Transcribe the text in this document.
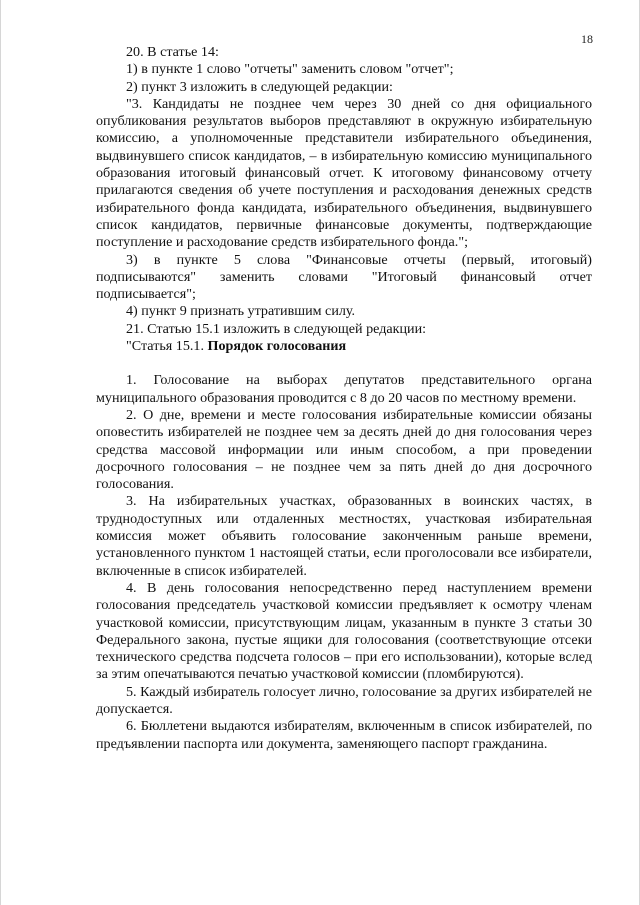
18

20. В статье 14:

1) в пункте 1 слово "отчеты" заменить словом "отчет";

2) пункт 3 изложить в следующей редакции:

"3. Кандидаты не позднее чем через 30 дней со дня официального опубликования результатов выборов представляют в окружную избирательную комиссию, а уполномоченные представители избирательного объединения, выдвинувшего список кандидатов, – в избирательную комиссию муниципального образования итоговый финансовый отчет. К итоговому финансовому отчету прилагаются сведения об учете поступления и расходования денежных средств избирательного фонда кандидата, избирательного объединения, выдвинувшего список кандидатов, первичные финансовые документы, подтверждающие поступление и расходование средств избирательного фонда.";

3) в пункте 5 слова "Финансовые отчеты (первый, итоговый) подписываются" заменить словами "Итоговый финансовый отчет подписывается";

4) пункт 9 признать утратившим силу.

21. Статью 15.1 изложить в следующей редакции:

"Статья 15.1. Порядок голосования

1. Голосование на выборах депутатов представительного органа муниципального образования проводится с 8 до 20 часов по местному времени.

2. О дне, времени и месте голосования избирательные комиссии обязаны оповестить избирателей не позднее чем за десять дней до дня голосования через средства массовой информации или иным способом, а при проведении досрочного голосования – не позднее чем за пять дней до дня досрочного голосования.

3. На избирательных участках, образованных в воинских частях, в труднодоступных или отдаленных местностях, участковая избирательная комиссия может объявить голосование законченным раньше времени, установленного пунктом 1 настоящей статьи, если проголосовали все избиратели, включенные в список избирателей.

4. В день голосования непосредственно перед наступлением времени голосования председатель участковой комиссии предъявляет к осмотру членам участковой комиссии, присутствующим лицам, указанным в пункте 3 статьи 30 Федерального закона, пустые ящики для голосования (соответствующие отсеки технического средства подсчета голосов – при его использовании), которые вслед за этим опечатываются печатью участковой комиссии (пломбируются).

5. Каждый избиратель голосует лично, голосование за других избирателей не допускается.

6. Бюллетени выдаются избирателям, включенным в список избирателей, по предъявлении паспорта или документа, заменяющего паспорт гражданина.
